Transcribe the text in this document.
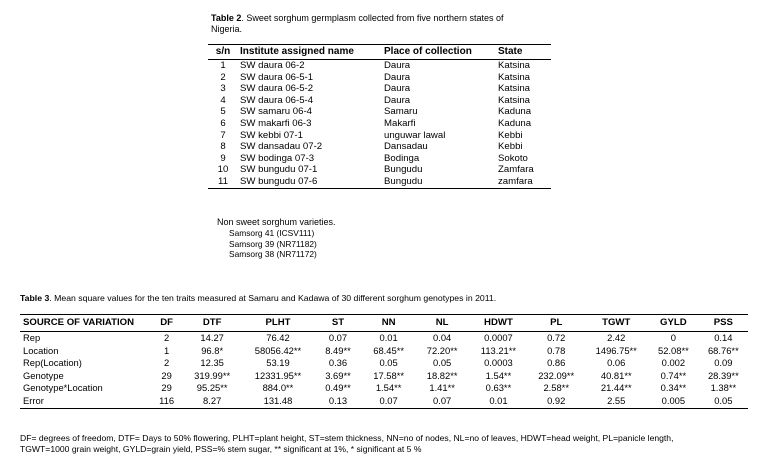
Table 2. Sweet sorghum germplasm collected from five northern states of
Nigeria.
s/n	Institute assigned name	Place of collection	State
1	SW daura 06-2	Daura	Katsina
2	SW daura 06-5-1	Daura	Katsina
3	SW daura 06-5-2	Daura	Katsina
4	SW daura 06-5-4	Daura	Katsina
5	SW samaru 06-4	Samaru	Kaduna
6	SW makarfi 06-3	Makarfi	Kaduna
7	SW kebbi 07-1	unguwar lawal	Kebbi
8	SW dansadau 07-2	Dansadau	Kebbi
9	SW bodinga 07-3	Bodinga	Sokoto
10	SW bungudu 07-1	Bungudu	Zamfara
11	SW bungudu 07-6	Bungudu	zamfara
Non sweet sorghum varieties.
Samsorg 41 (ICSV111)
Samsorg 39 (NR71182)
Samsorg 38 (NR71172)
Table 3. Mean square values for the ten traits measured at Samaru and Kadawa of 30 different sorghum genotypes in 2011.
SOURCE OF VARIATION	DF	DTF	PLHT	ST	NN	NL	HDWT	PL	TGWT	GYLD	PSS
Rep	2	14.27	76.42	0.07	0.01	0.04	0.0007	0.72	2.42	0	0.14
Location	1	96.8*	58056.42**	8.49**	68.45**	72.20**	113.21**	0.78	1496.75**	52.08**	68.76**
Rep(Location)	2	12.35	53.19	0.36	0.05	0.05	0.0003	0.86	0.06	0.002	0.09
Genotype	29	319.99**	12331.95**	3.69**	17.58**	18.82**	1.54**	232.09**	40.81**	0.74**	28.39**
Genotype*Location	29	95.25**	884.0**	0.49**	1.54**	1.41**	0.63**	2.58**	21.44**	0.34**	1.38**
Error	116	8.27	131.48	0.13	0.07	0.07	0.01	0.92	2.55	0.005	0.05
DF= degrees of freedom, DTF= Days to 50% flowering, PLHT=plant height, ST=stem thickness, NN=no of nodes, NL=no of leaves, HDWT=head weight, PL=panicle length,
TGWT=1000 grain weight, GYLD=grain yield, PSS=% stem sugar, ** significant at 1%, * significant at 5 %
